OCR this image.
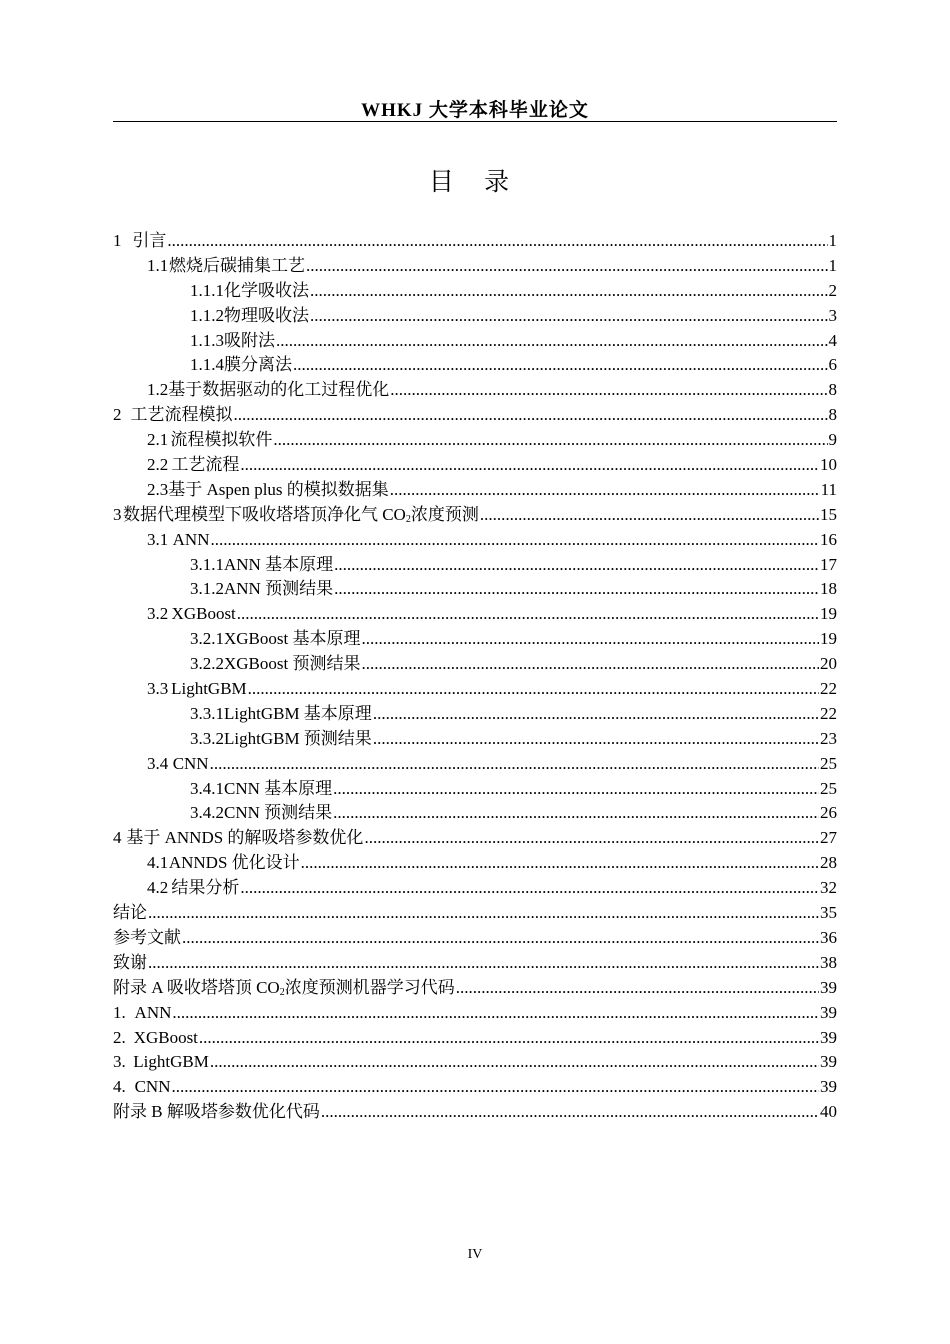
WHKJ 大学本科毕业论文
目 录
1 引言 .....	1
1.1 燃烧后碳捕集工艺 .....	1
1.1.1 化学吸收法 .....	2
1.1.2 物理吸收法 .....	3
1.1.3 吸附法 .....	4
1.1.4 膜分离法 .....	6
1.2 基于数据驱动的化工过程优化 .....	8
2 工艺流程模拟 .....	8
2.1 流程模拟软件 .....	9
2.2 工艺流程 .....	10
2.3 基于 Aspen plus 的模拟数据集 .....	11
3 数据代理模型下吸收塔塔顶净化气 $CO_2$浓度预测 .....	15
3.1 ANN .....	16
3.1.1 ANN 基本原理 .....	17
3.1.2 ANN 预测结果 .....	18
3.2 XGBoost .....	19
3.2.1 XGBoost 基本原理 .....	19
3.2.2 XGBoost 预测结果 .....	20
3.3 LightGBM .....	22
3.3.1 LightGBM 基本原理 .....	22
3.3.2 LightGBM 预测结果 .....	23
3.4 CNN .....	25
3.4.1 CNN 基本原理 .....	25
3.4.2 CNN 预测结果 .....	26
4 基于 ANNDS 的解吸塔参数优化 .....	27
4.1 ANNDS 优化设计 .....	28
4.2 结果分析 .....	32
结论 .....	35
参考文献 .....	36
致谢 .....	38
附录 A 吸收塔塔顶 $CO_2$浓度预测机器学习代码 .....	39
1. ANN .....	39
2. XGBoost .....	39
3. LightGBM .....	39
4. CNN .....	39
附录 B 解吸塔参数优化代码 .....	40
IV
